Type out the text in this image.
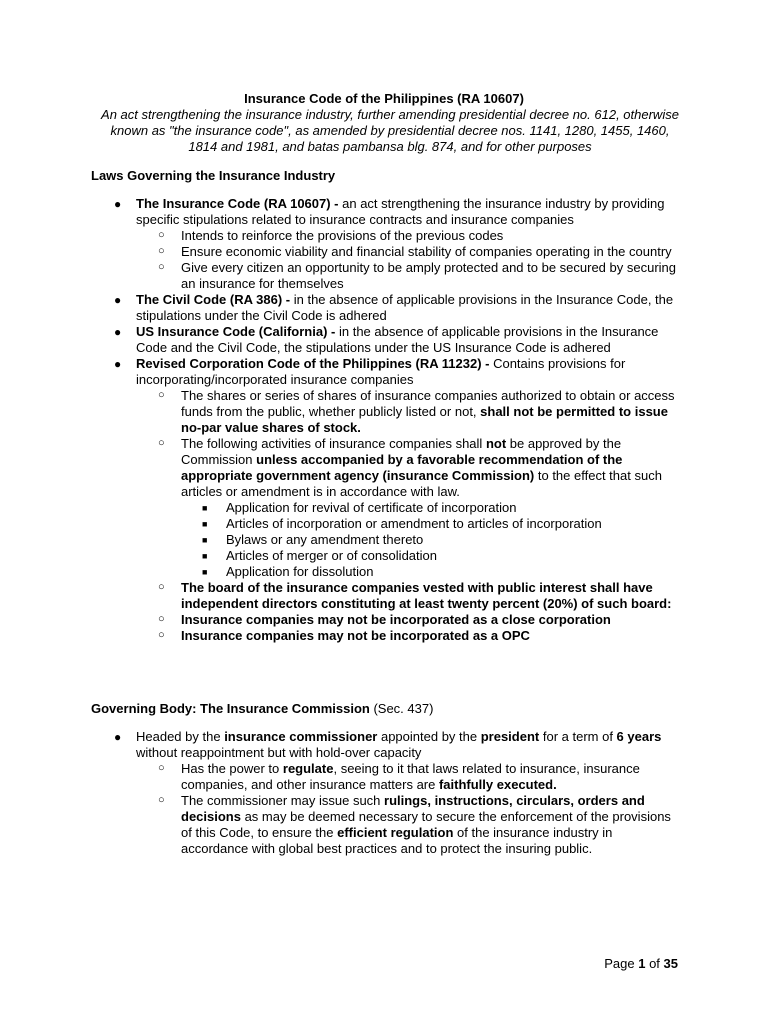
Insurance Code of the Philippines (RA 10607)
An act strengthening the insurance industry, further amending presidential decree no. 612, otherwise known as "the insurance code", as amended by presidential decree nos. 1141, 1280, 1455, 1460, 1814 and 1981, and batas pambansa blg. 874, and for other purposes
Laws Governing the Insurance Industry
● The Insurance Code (RA 10607) - an act strengthening the insurance industry by providing specific stipulations related to insurance contracts and insurance companies
○ Intends to reinforce the provisions of the previous codes
○ Ensure economic viability and financial stability of companies operating in the country
○ Give every citizen an opportunity to be amply protected and to be secured by securing an insurance for themselves
● The Civil Code (RA 386) - in the absence of applicable provisions in the Insurance Code, the stipulations under the Civil Code is adhered
● US Insurance Code (California) - in the absence of applicable provisions in the Insurance Code and the Civil Code, the stipulations under the US Insurance Code is adhered
● Revised Corporation Code of the Philippines (RA 11232) - Contains provisions for incorporating/incorporated insurance companies
○ The shares or series of shares of insurance companies authorized to obtain or access funds from the public, whether publicly listed or not, shall not be permitted to issue no-par value shares of stock.
○ The following activities of insurance companies shall not be approved by the Commission unless accompanied by a favorable recommendation of the appropriate government agency (insurance Commission) to the effect that such articles or amendment is in accordance with law.
■ Application for revival of certificate of incorporation
■ Articles of incorporation or amendment to articles of incorporation
■ Bylaws or any amendment thereto
■ Articles of merger or of consolidation
■ Application for dissolution
○ The board of the insurance companies vested with public interest shall have independent directors constituting at least twenty percent (20%) of such board:
○ Insurance companies may not be incorporated as a close corporation
○ Insurance companies may not be incorporated as a OPC
Governing Body: The Insurance Commission (Sec. 437)
● Headed by the insurance commissioner appointed by the president for a term of 6 years without reappointment but with hold-over capacity
○ Has the power to regulate, seeing to it that laws related to insurance, insurance companies, and other insurance matters are faithfully executed.
○ The commissioner may issue such rulings, instructions, circulars, orders and decisions as may be deemed necessary to secure the enforcement of the provisions of this Code, to ensure the efficient regulation of the insurance industry in accordance with global best practices and to protect the insuring public.
Page 1 of 35
